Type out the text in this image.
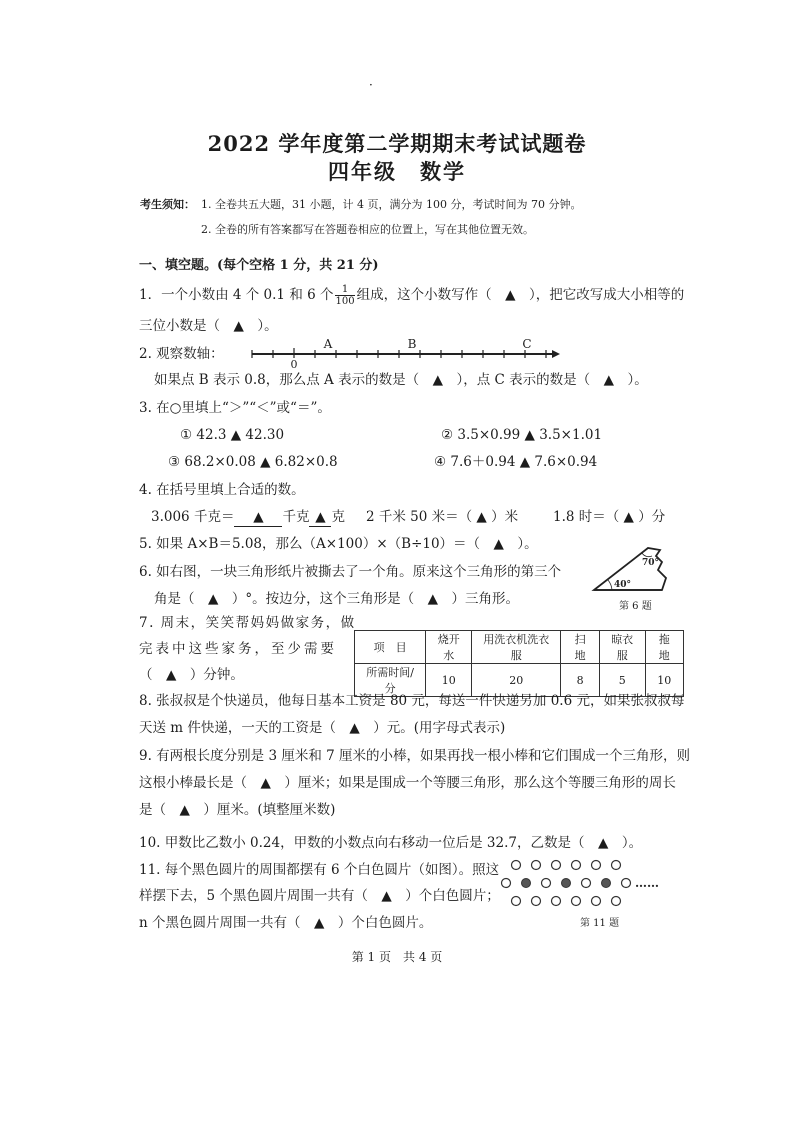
·
2022 学年度第二学期期末考试试题卷
四年级　数学
考生须知： 1. 全卷共五大题，31 小题，计 4 页，满分为 100 分，考试时间为 70 分钟。
2. 全卷的所有答案都写在答题卷相应的位置上，写在其他位置无效。
一、填空题。(每个空格 1 分，共 21 分)
1．一个小数由 4 个 0.1 和 6 个 $\frac{1}{100}$ 组成，这个小数写作（　▲　），把它改写成大小相等的
三位小数是（　▲　）。
2. 观察数轴：
0
A	B	C
如果点 B 表示 0.8，那么点 A 表示的数是（　▲　），点 C 表示的数是（　▲　）。
3. 在○里填上“＞”“＜”或“＝”。
① 42.3 ▲ 42.30	② 3.5×0.99 ▲ 3.5×1.01
③ 68.2×0.08 ▲ 6.82×0.8	④ 7.6＋0.94 ▲ 7.6×0.94
4. 在括号里填上合适的数。
3.006 千克＝ ▲ 千克 ▲ 克 2 千米 50 米＝（ ▲ ）米	1.8 时＝（ ▲ ）分
5. 如果 A×B＝5.08，那么（A×100）×（B÷10）＝（　▲　）。
6. 如右图，一块三角形纸片被撕去了一个角。原来这个三角形的第三个
角是（　▲　）°。按边分，这个三角形是（　▲　）三角形。
70°
40°
第 6 题
7. 周末，笑笑帮妈妈做家务，做
完表中这些家务，至少需要
（　▲　）分钟。
项　目	烧开水	用洗衣机洗衣服	扫 地	晾衣服	拖 地
所需时间/分	10	20	8	5	10
8. 张叔叔是个快递员，他每日基本工资是 80 元，每送一件快递另加 0.6 元，如果张叔叔每
天送 m 件快递，一天的工资是（　▲　）元。(用字母式表示)
9. 有两根长度分别是 3 厘米和 7 厘米的小棒，如果再找一根小棒和它们围成一个三角形，则
这根小棒最长是（　▲　）厘米；如果是围成一个等腰三角形，那么这个等腰三角形的周长
是（　▲　）厘米。(填整厘米数)
10. 甲数比乙数小 0.24，甲数的小数点向右移动一位后是 32.7，乙数是（　▲　）。
11. 每个黑色圆片的周围都摆有 6 个白色圆片（如图）。照这
样摆下去，5 个黑色圆片周围一共有（　▲　）个白色圆片；
n 个黑色圆片周围一共有（　▲　）个白色圆片。
……
第 11 题
第 1 页　共 4 页
